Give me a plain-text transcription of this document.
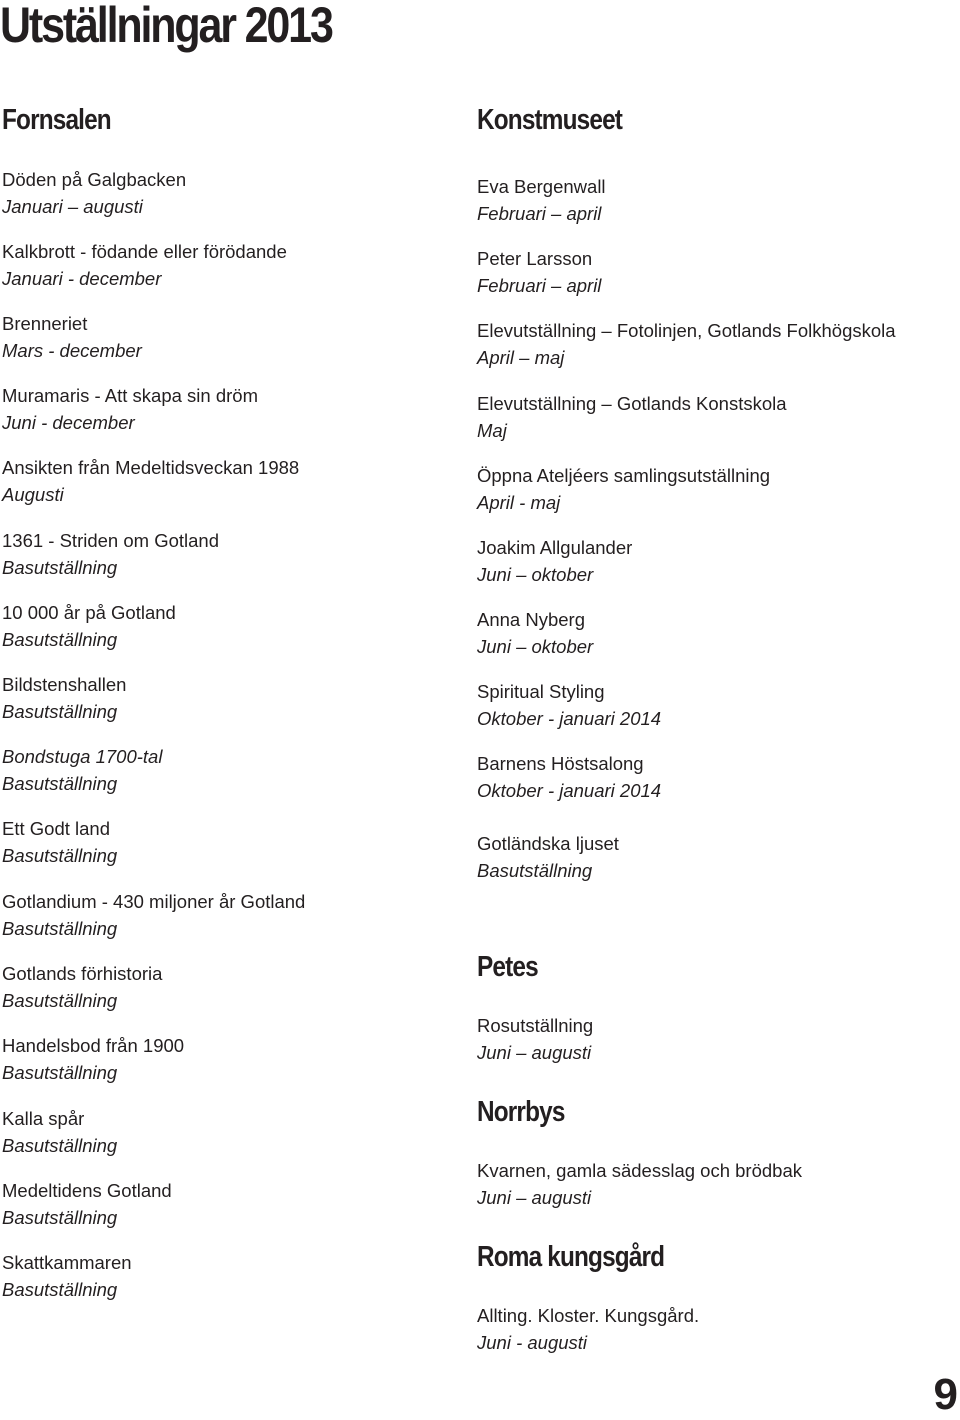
Utställningar 2013
Fornsalen
Döden på Galgbacken
Januari – augusti
Kalkbrott - födande eller förödande
Januari - december
Brenneriet
Mars - december
Muramaris - Att skapa sin dröm
Juni - december
Ansikten från Medeltidsveckan 1988
Augusti
1361 - Striden om Gotland
Basutställning
10 000 år på Gotland
Basutställning
Bildstenshallen
Basutställning
Bondstuga 1700-tal
Basutställning
Ett Godt land
Basutställning
Gotlandium - 430 miljoner år Gotland
Basutställning
Gotlands förhistoria
Basutställning
Handelsbod från 1900
Basutställning
Kalla spår
Basutställning
Medeltidens Gotland
Basutställning
Skattkammaren
Basutställning
Konstmuseet
Eva Bergenwall
Februari – april
Peter Larsson
Februari – april
Elevutställning – Fotolinjen, Gotlands Folkhögskola
April – maj
Elevutställning – Gotlands Konstskola
Maj
Öppna Ateljéers samlingsutställning
April - maj
Joakim Allgulander
Juni – oktober
Anna Nyberg
Juni – oktober
Spiritual Styling
Oktober - januari 2014
Barnens Höstsalong
Oktober - januari 2014
Gotländska ljuset
Basutställning
Petes
Rosutställning
Juni – augusti
Norrbys
Kvarnen, gamla sädesslag och brödbak
Juni – augusti
Roma kungsgård
Allting. Kloster. Kungsgård.
Juni - augusti
9
